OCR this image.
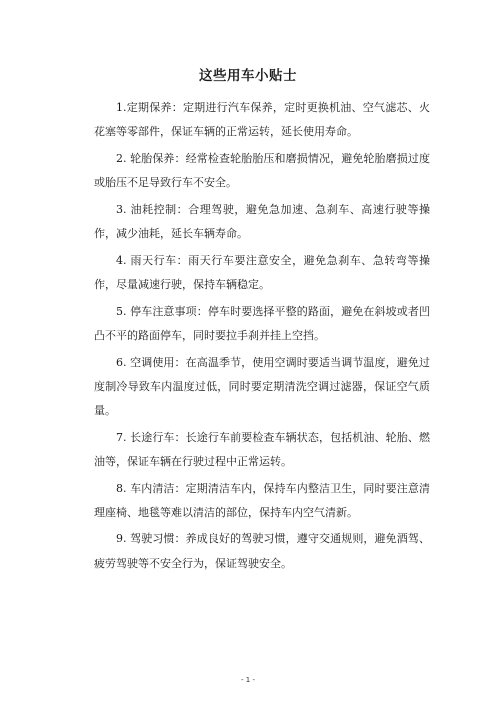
这些用车小贴士

1.定期保养：定期进行汽车保养，定时更换机油、空气滤芯、火花塞等零部件，保证车辆的正常运转，延长使用寿命。

2. 轮胎保养：经常检查轮胎胎压和磨损情况，避免轮胎磨损过度或胎压不足导致行车不安全。

3. 油耗控制：合理驾驶，避免急加速、急刹车、高速行驶等操作，减少油耗，延长车辆寿命。

4. 雨天行车：雨天行车要注意安全，避免急刹车、急转弯等操作，尽量减速行驶，保持车辆稳定。

5. 停车注意事项：停车时要选择平整的路面，避免在斜坡或者凹凸不平的路面停车，同时要拉手刹并挂上空挡。

6. 空调使用：在高温季节，使用空调时要适当调节温度，避免过度制冷导致车内温度过低，同时要定期清洗空调过滤器，保证空气质量。

7. 长途行车：长途行车前要检查车辆状态，包括机油、轮胎、燃油等，保证车辆在行驶过程中正常运转。

8. 车内清洁：定期清洁车内，保持车内整洁卫生，同时要注意清理座椅、地毯等难以清洁的部位，保持车内空气清新。

9. 驾驶习惯：养成良好的驾驶习惯，遵守交通规则，避免酒驾、疲劳驾驶等不安全行为，保证驾驶安全。

- 1 -
